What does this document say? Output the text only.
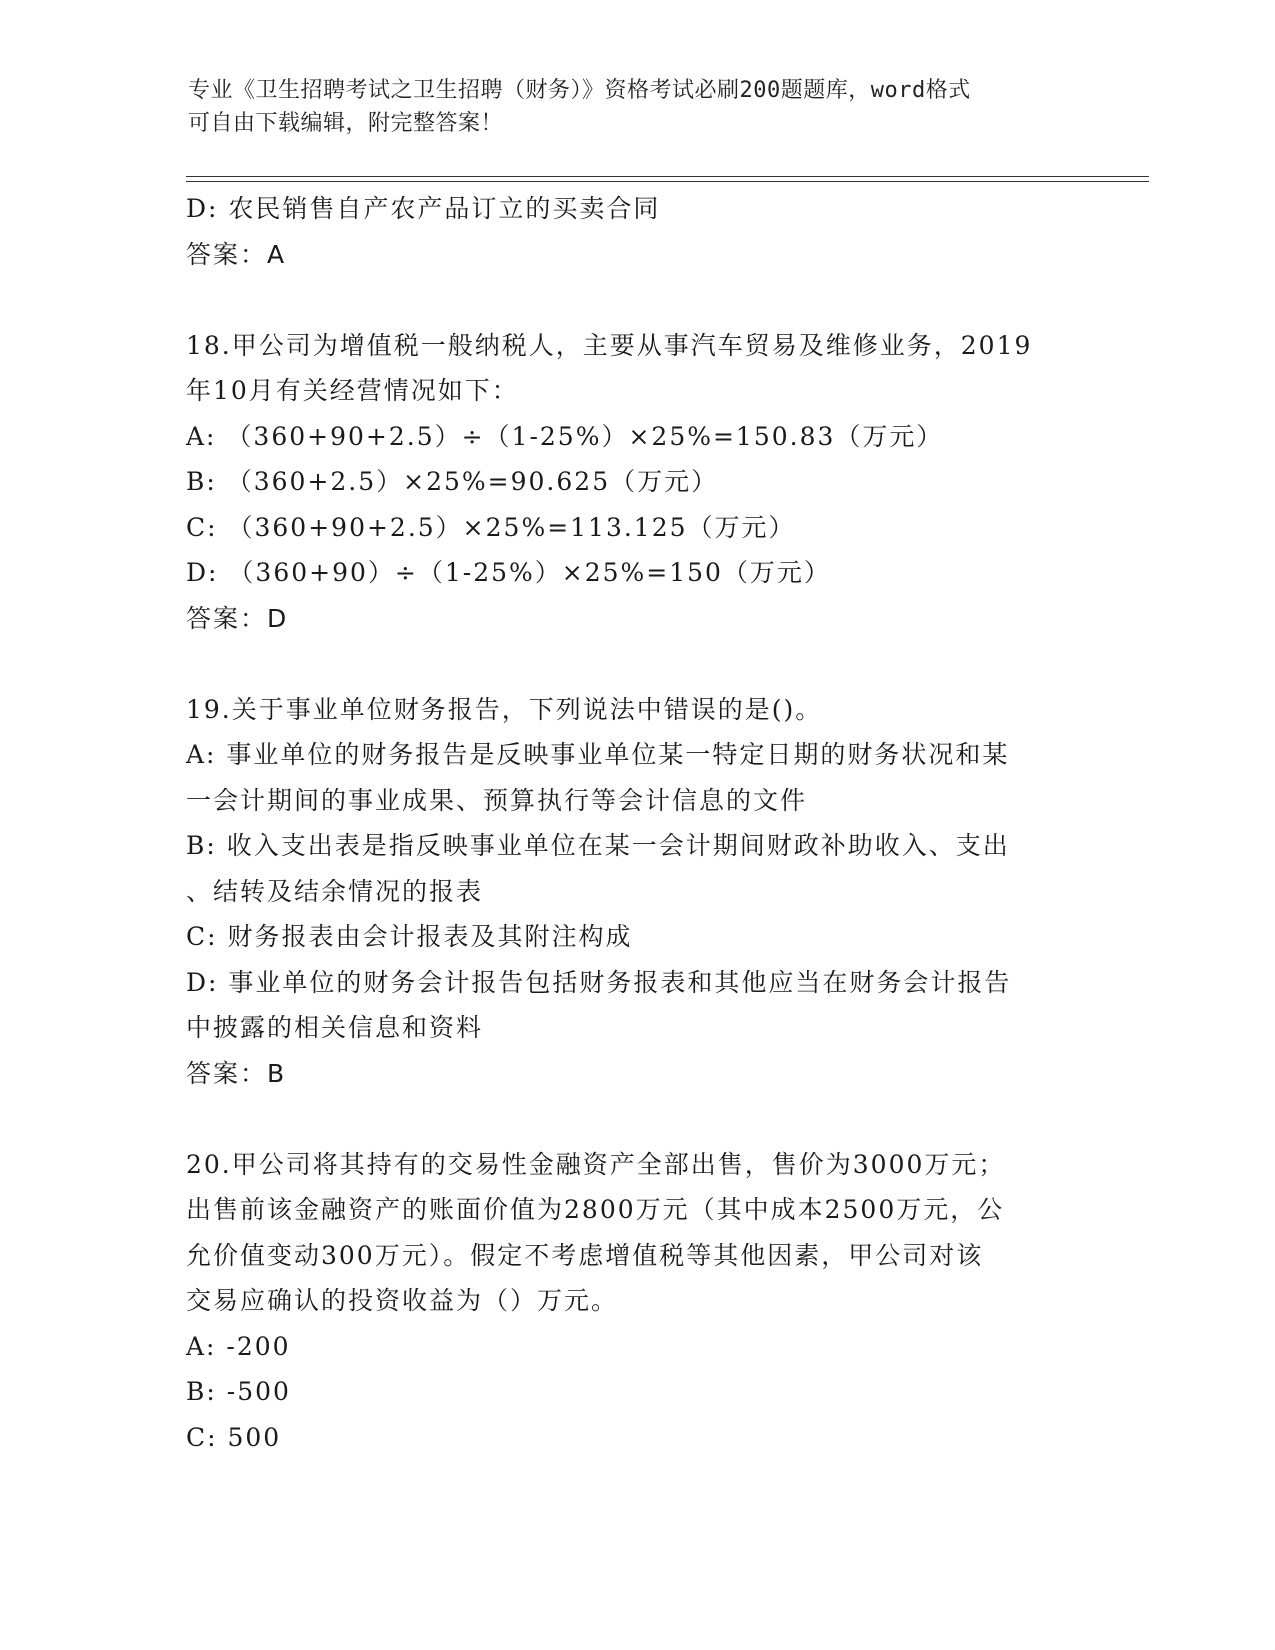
专业《卫生招聘考试之卫生招聘（财务）》资格考试必刷200题题库，word格式
可自由下载编辑，附完整答案！
D: 农民销售自产农产品订立的买卖合同
答案：A
18.甲公司为增值税一般纳税人，主要从事汽车贸易及维修业务，2019
年10月有关经营情况如下：
A: （360+90+2.5）÷（1-25%）×25%=150.83（万元）
B: （360+2.5）×25%=90.625（万元）
C: （360+90+2.5）×25%=113.125（万元）
D: （360+90）÷（1-25%）×25%=150（万元）
答案：D
19.关于事业单位财务报告，下列说法中错误的是()。
A: 事业单位的财务报告是反映事业单位某一特定日期的财务状况和某
一会计期间的事业成果、预算执行等会计信息的文件
B: 收入支出表是指反映事业单位在某一会计期间财政补助收入、支出
、结转及结余情况的报表
C: 财务报表由会计报表及其附注构成
D: 事业单位的财务会计报告包括财务报表和其他应当在财务会计报告
中披露的相关信息和资料
答案：B
20.甲公司将其持有的交易性金融资产全部出售，售价为3000万元；
出售前该金融资产的账面价值为2800万元（其中成本2500万元，公
允价值变动300万元）。假定不考虑增值税等其他因素，甲公司对该
交易应确认的投资收益为（）万元。
A: -200
B: -500
C: 500
